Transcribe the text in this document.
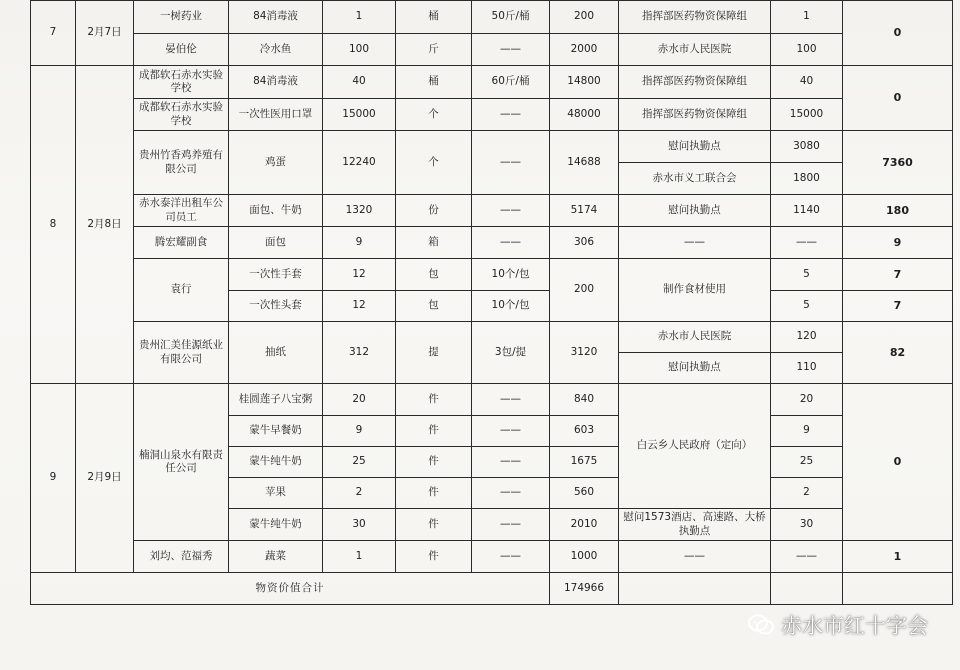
7	2月7日	一树药业	84消毒液	1	桶	50斤/桶	200	指挥部医药物资保障组	1	0
		晏伯伦	冷水鱼	100	斤	——	2000	赤水市人民医院	100	
8	2月8日	成都软石赤水实验学校	84消毒液	40	桶	60斤/桶	14800	指挥部医药物资保障组	40	0
		成都软石赤水实验学校	一次性医用口罩	15000	个	——	48000	指挥部医药物资保障组	15000	
		贵州竹香鸡养殖有限公司	鸡蛋	12240	个	——	14688	慰问执勤点	3080	7360
								赤水市义工联合会	1800	
		赤水泰洋出租车公司员工	面包、牛奶	1320	份	——	5174	慰问执勤点	1140	180
		腾宏耀副食	面包	9	箱	——	306	——	——	9
		袁行	一次性手套	12	包	10个/包	200	制作食材使用	5	7
			一次性头套	12	包	10个/包			5	7
		贵州汇美佳源纸业有限公司	抽纸	312	提	3包/提	3120	赤水市人民医院	120	82
								慰问执勤点	110	
9	2月9日	楠洞山泉水有限责任公司	桂圆莲子八宝粥	20	件	——	840	白云乡人民政府（定向）	20	0
			蒙牛早餐奶	9	件	——	603		9	
			蒙牛纯牛奶	25	件	——	1675		25	
			苹果	2	件	——	560		2	
			蒙牛纯牛奶	30	件	——	2010	慰问1573酒店、高速路、大桥执勤点	30	
		刘均、范福秀	蔬菜	1	件	——	1000	——	——	1
物资价值合计							174966			
赤水市红十字会
